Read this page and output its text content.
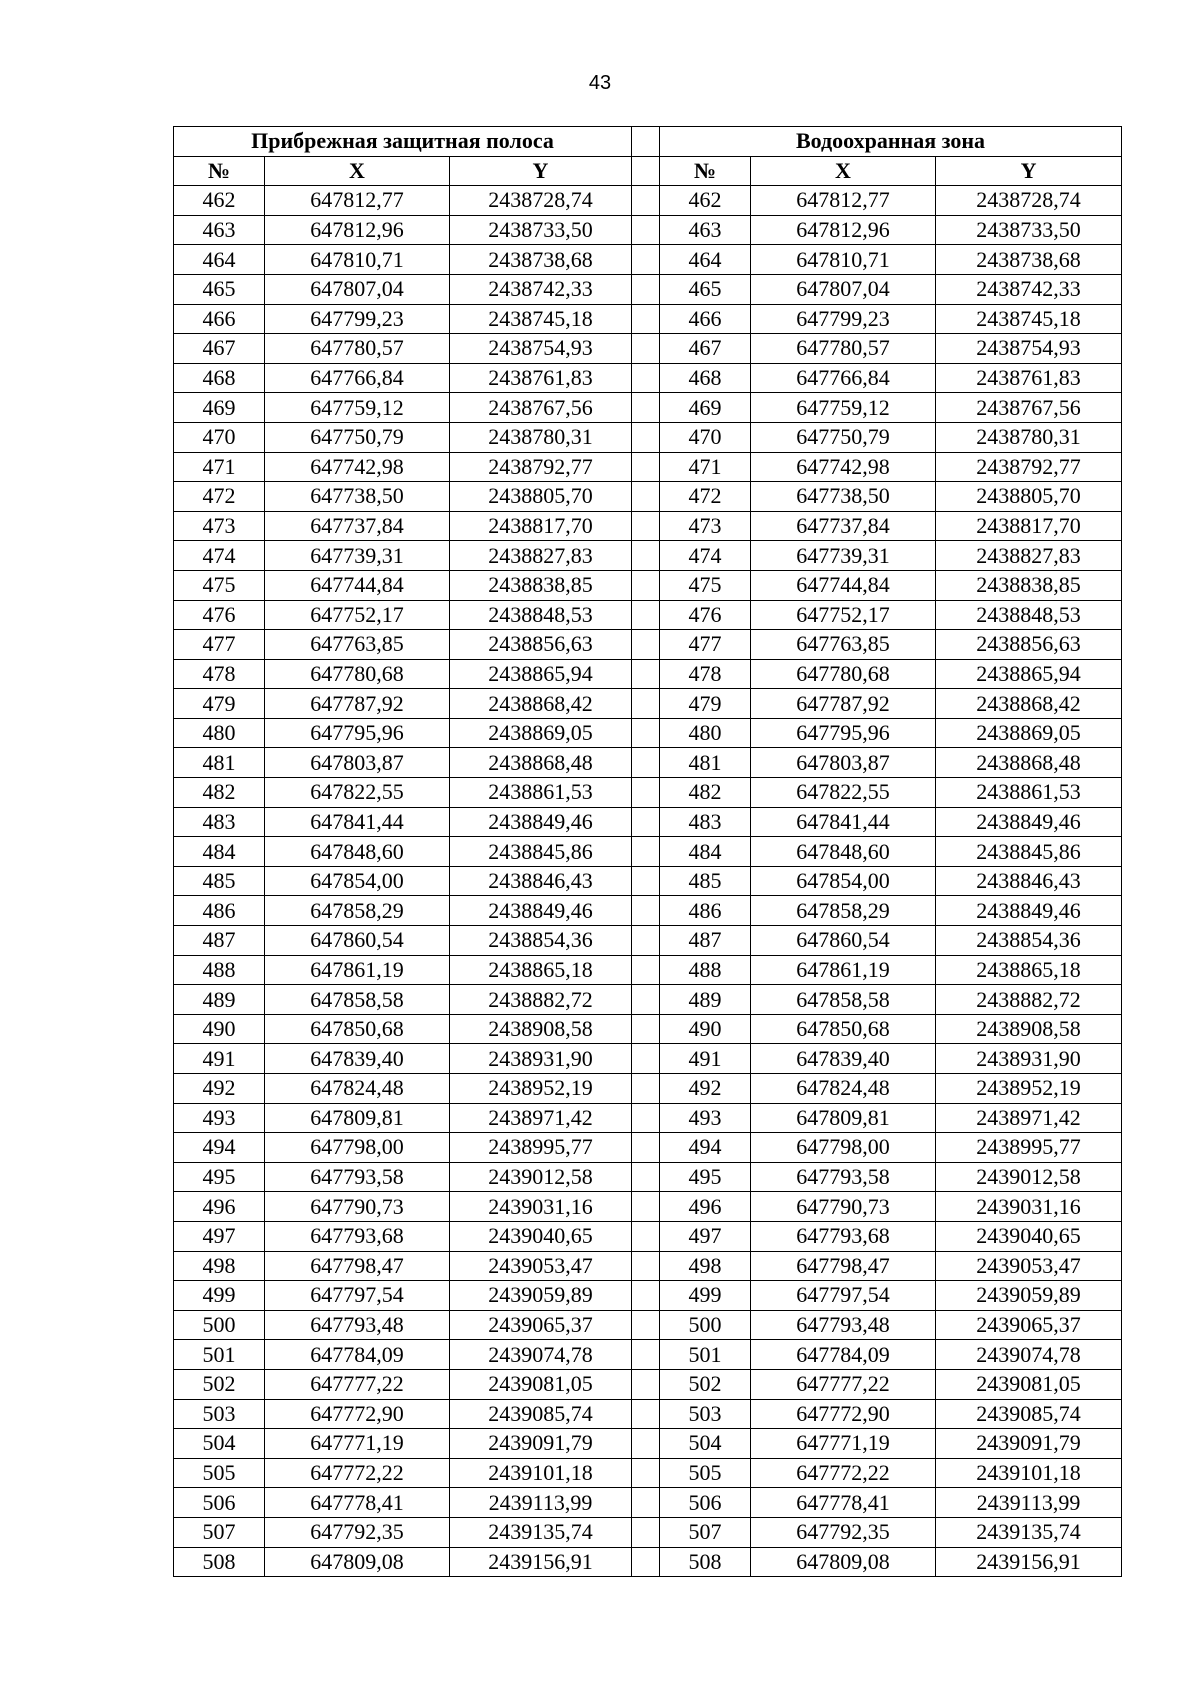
43
Прибрежная защитная полоса				Водоохранная зона		
№	X	Y		№	X	Y
462	647812,77	2438728,74		462	647812,77	2438728,74
463	647812,96	2438733,50		463	647812,96	2438733,50
464	647810,71	2438738,68		464	647810,71	2438738,68
465	647807,04	2438742,33		465	647807,04	2438742,33
466	647799,23	2438745,18		466	647799,23	2438745,18
467	647780,57	2438754,93		467	647780,57	2438754,93
468	647766,84	2438761,83		468	647766,84	2438761,83
469	647759,12	2438767,56		469	647759,12	2438767,56
470	647750,79	2438780,31		470	647750,79	2438780,31
471	647742,98	2438792,77		471	647742,98	2438792,77
472	647738,50	2438805,70		472	647738,50	2438805,70
473	647737,84	2438817,70		473	647737,84	2438817,70
474	647739,31	2438827,83		474	647739,31	2438827,83
475	647744,84	2438838,85		475	647744,84	2438838,85
476	647752,17	2438848,53		476	647752,17	2438848,53
477	647763,85	2438856,63		477	647763,85	2438856,63
478	647780,68	2438865,94		478	647780,68	2438865,94
479	647787,92	2438868,42		479	647787,92	2438868,42
480	647795,96	2438869,05		480	647795,96	2438869,05
481	647803,87	2438868,48		481	647803,87	2438868,48
482	647822,55	2438861,53		482	647822,55	2438861,53
483	647841,44	2438849,46		483	647841,44	2438849,46
484	647848,60	2438845,86		484	647848,60	2438845,86
485	647854,00	2438846,43		485	647854,00	2438846,43
486	647858,29	2438849,46		486	647858,29	2438849,46
487	647860,54	2438854,36		487	647860,54	2438854,36
488	647861,19	2438865,18		488	647861,19	2438865,18
489	647858,58	2438882,72		489	647858,58	2438882,72
490	647850,68	2438908,58		490	647850,68	2438908,58
491	647839,40	2438931,90		491	647839,40	2438931,90
492	647824,48	2438952,19		492	647824,48	2438952,19
493	647809,81	2438971,42		493	647809,81	2438971,42
494	647798,00	2438995,77		494	647798,00	2438995,77
495	647793,58	2439012,58		495	647793,58	2439012,58
496	647790,73	2439031,16		496	647790,73	2439031,16
497	647793,68	2439040,65		497	647793,68	2439040,65
498	647798,47	2439053,47		498	647798,47	2439053,47
499	647797,54	2439059,89		499	647797,54	2439059,89
500	647793,48	2439065,37		500	647793,48	2439065,37
501	647784,09	2439074,78		501	647784,09	2439074,78
502	647777,22	2439081,05		502	647777,22	2439081,05
503	647772,90	2439085,74		503	647772,90	2439085,74
504	647771,19	2439091,79		504	647771,19	2439091,79
505	647772,22	2439101,18		505	647772,22	2439101,18
506	647778,41	2439113,99		506	647778,41	2439113,99
507	647792,35	2439135,74		507	647792,35	2439135,74
508	647809,08	2439156,91		508	647809,08	2439156,91
